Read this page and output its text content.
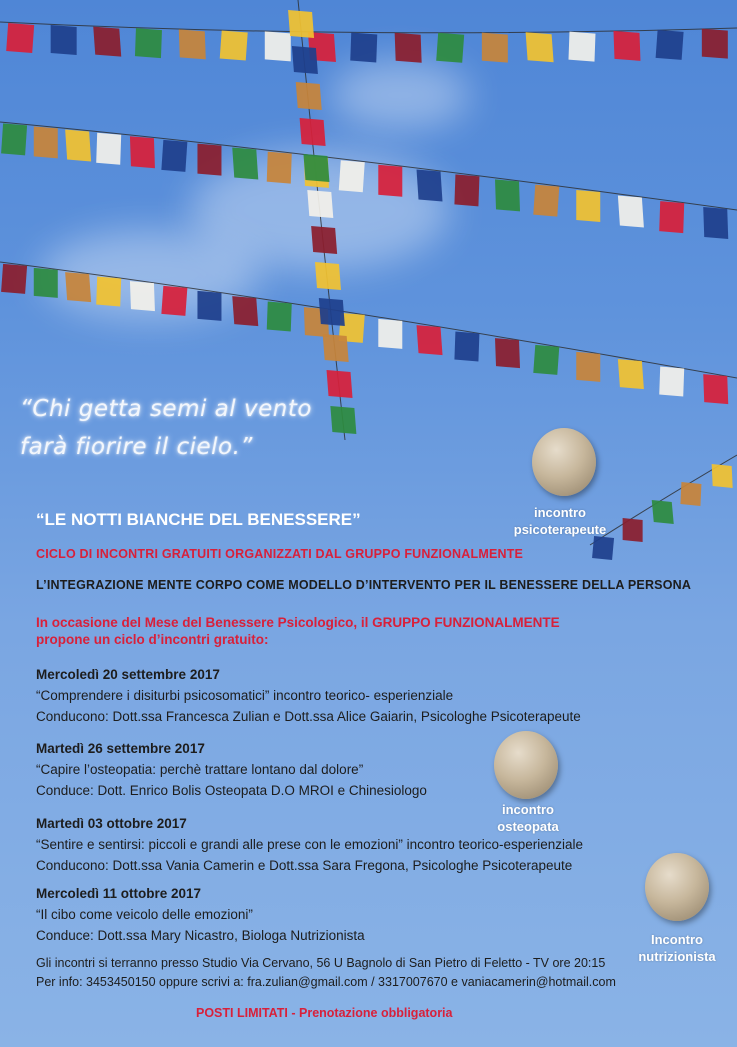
“Chi getta semi al vento
farà fiorire il cielo.”
incontro
psicoterapeute
incontro
osteopata
Incontro
nutrizionista
“LE NOTTI BIANCHE DEL BENESSERE”
CICLO DI INCONTRI GRATUITI ORGANIZZATI DAL GRUPPO FUNZIONALMENTE
L’INTEGRAZIONE MENTE CORPO COME MODELLO D’INTERVENTO PER IL BENESSERE DELLA PERSONA
In occasione del Mese del Benessere Psicologico, il GRUPPO FUNZIONALMENTE
propone un ciclo d’incontri gratuito:
Mercoledì 20 settembre 2017
“Comprendere i disiturbi psicosomatici” incontro teorico- esperienziale
Conducono: Dott.ssa Francesca Zulian e Dott.ssa Alice Gaiarin, Psicologhe Psicoterapeute
Martedì 26 settembre 2017
“Capire l’osteopatia: perchè trattare lontano dal dolore”
Conduce: Dott. Enrico Bolis Osteopata D.O MROI e Chinesiologo
Martedì 03 ottobre 2017
“Sentire e sentirsi: piccoli e grandi alle prese con le emozioni” incontro teorico-esperienziale
Conducono: Dott.ssa Vania Camerin e Dott.ssa Sara Fregona, Psicologhe Psicoterapeute
Mercoledì 11 ottobre 2017
“Il cibo come veicolo delle emozioni”
Conduce: Dott.ssa Mary Nicastro, Biologa Nutrizionista
Gli incontri si terranno presso Studio Via Cervano, 56 U Bagnolo di San Pietro di Feletto - TV ore 20:15
Per info: 3453450150 oppure scrivi a: fra.zulian@gmail.com / 3317007670 e vaniacamerin@hotmail.com
POSTI LIMITATI - Prenotazione obbligatoria
